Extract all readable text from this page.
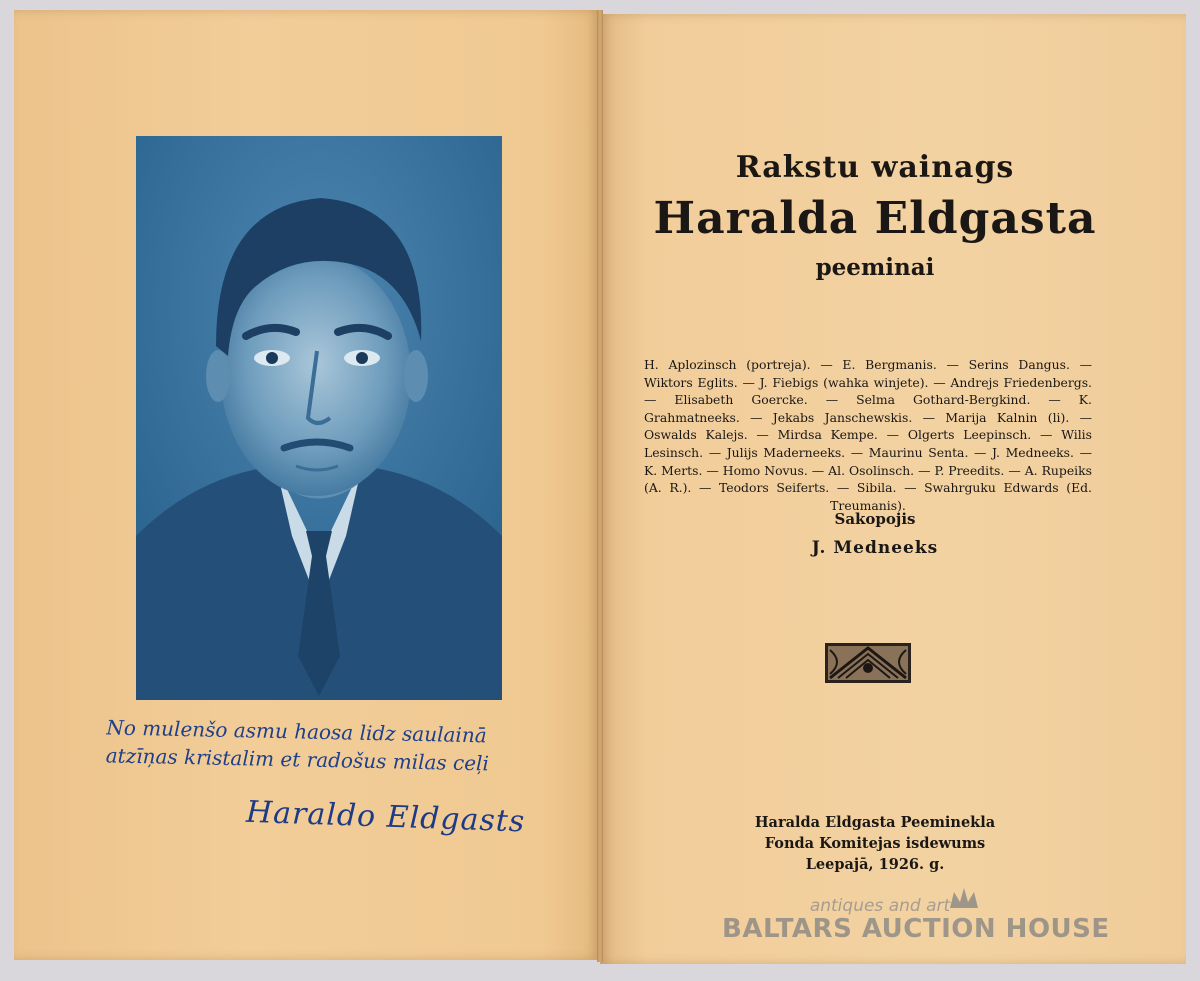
No mulenšo asmu haosa lidz saulainā atzīņas kristalim et radošus milas ceļi
Haraldo Eldgasts
Rakstu wainags
Haralda Eldgasta
peeminai
H. Aplozinsch (portreja). — E. Bergmanis. — Serins Dangus. — Wiktors Eglits. — J. Fiebigs (wahka winjete). — Andrejs Friedenbergs. — Elisabeth Goercke. — Selma Gothard-Bergkind. — K. Grahmatneeks. — Jekabs Janschewskis. — Marija Kalnin (li). — Oswalds Kalejs. — Mirdsa Kempe. — Olgerts Leepinsch. — Wilis Lesinsch. — Julijs Maderneeks. — Maurinu Senta. — J. Medneeks. — K. Merts. — Homo Novus. — Al. Osolinsch. — P. Preedits. — A. Rupeiks (A. R.). — Teodors Seiferts. — Sibila. — Swahrguku Edwards (Ed. Treumanis).
Sakopojis
J. Medneeks
Haralda Eldgasta Peeminekla
Fonda Komitejas isdewums
Leepajā, 1926. g.
antiques and art
BALTARS AUCTION HOUSE
